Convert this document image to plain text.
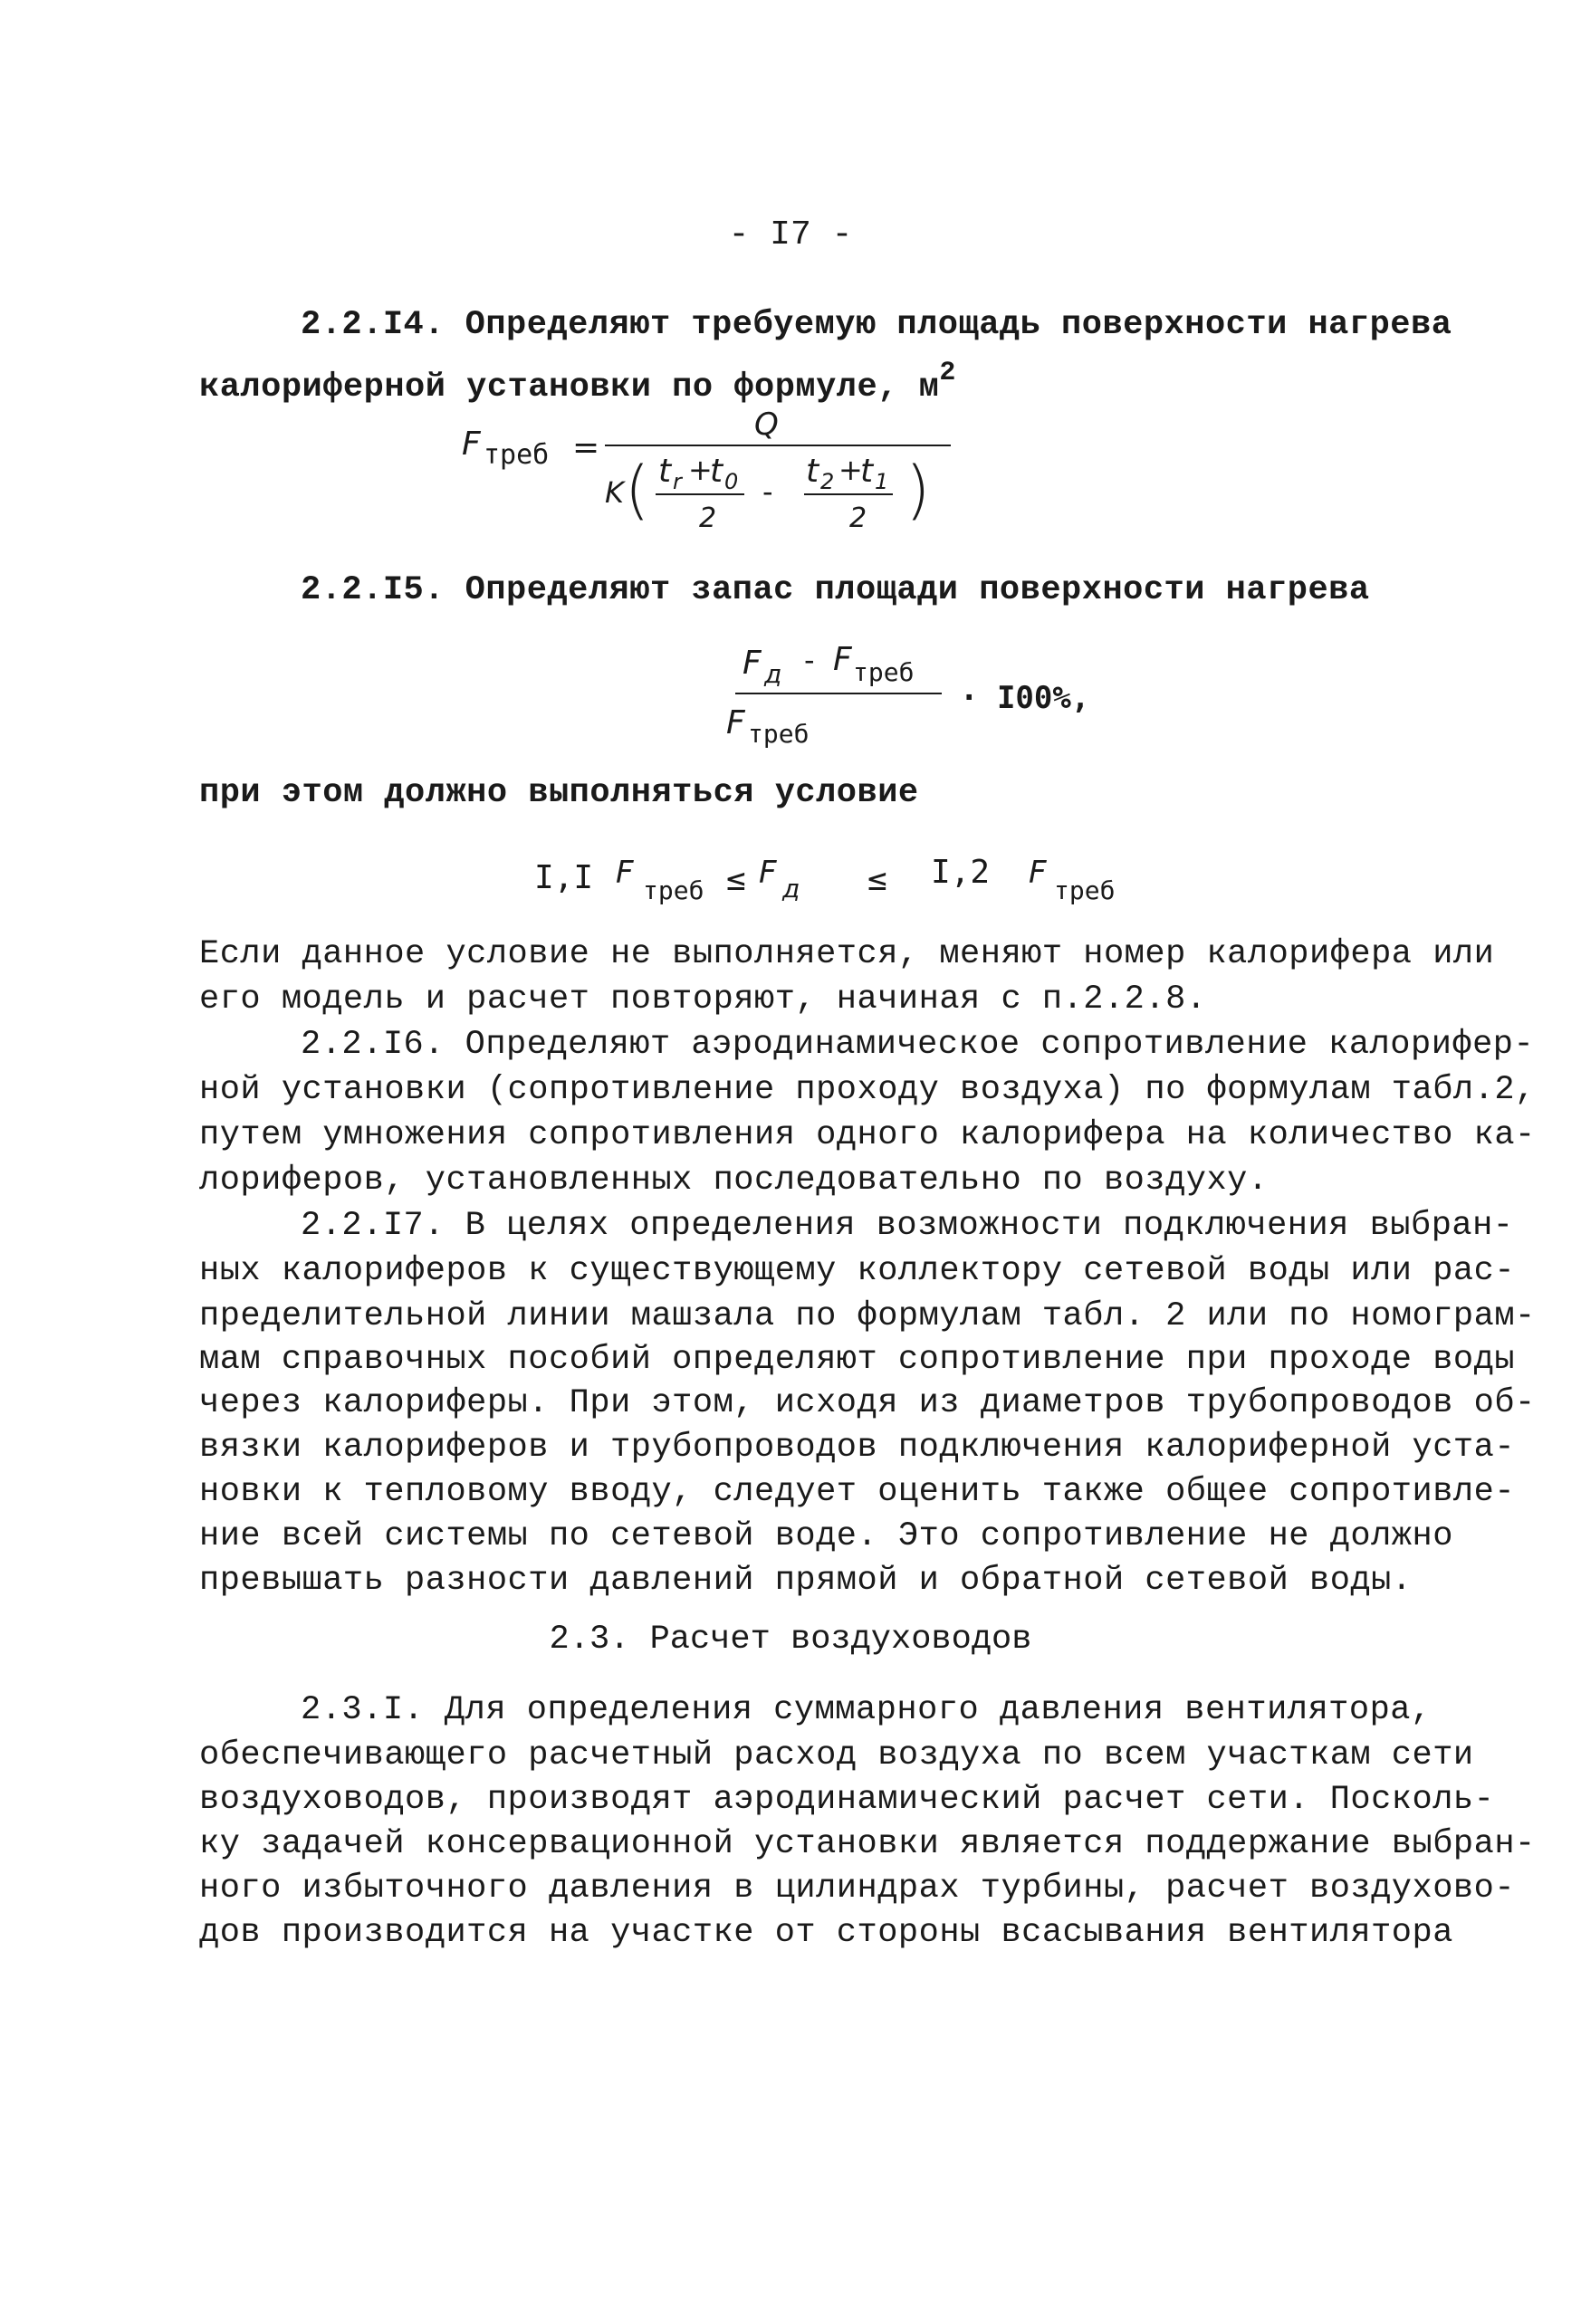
- I7 -
2.2.I4. Определяют требуемую площадь поверхности нагрева
калориферной установки по формуле, $м^2$
F треб =
Q
K ( t r +
t 0
2
-
t 2 +
t 1
2 )
2.2.I5. Определяют запас площади поверхности нагрева
F д - F треб
F треб
· I00%,
при этом должно выполняться условие
I,I F треб ≤ F д ≤ I,2 F треб
Если данное условие не выполняется, меняют номер калорифера или
его модель и расчет повторяют, начиная с п.2.2.8.
2.2.I6. Определяют аэродинамическое сопротивление калорифер-
ной установки (сопротивление проходу воздуха) по формулам табл.2,
путем умножения сопротивления одного калорифера на количество ка-
лориферов, установленных последовательно по воздуху.
2.2.I7. В целях определения возможности подключения выбран-
ных калориферов к существующему коллектору сетевой воды или рас-
пределительной линии машзала по формулам табл. 2 или по номограм-
мам справочных пособий определяют сопротивление при проходе воды
через калориферы. При этом, исходя из диаметров трубопроводов об-
вязки калориферов и трубопроводов подключения калориферной уста-
новки к тепловому вводу, следует оценить также общее сопротивле-
ние всей системы по сетевой воде. Это сопротивление не должно
превышать разности давлений прямой и обратной сетевой воды.
2.3. Расчет воздуховодов
2.3.I. Для определения суммарного давления вентилятора,
обеспечивающего расчетный расход воздуха по всем участкам сети
воздуховодов, производят аэродинамический расчет сети. Посколь-
ку задачей консервационной установки является поддержание выбран-
ного избыточного давления в цилиндрах турбины, расчет воздухово-
дов производится на участке от стороны всасывания вентилятора
